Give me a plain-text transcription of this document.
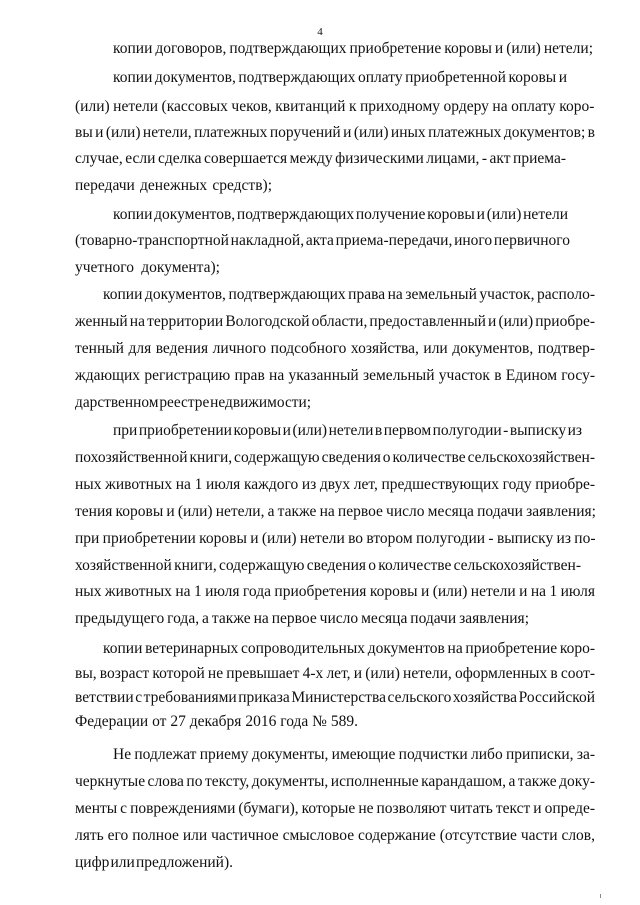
4
копии договоров, подтверждающих приобретение коровы и (или) нетели;
копии документов, подтверждающих оплату приобретенной коровы и
(или) нетели (кассовых чеков, квитанций к приходному ордеру на оплату коро-
вы и (или) нетели, платежных поручений и (или) иных платежных документов; в
случае, если сделка совершается между физическими лицами, - акт приема-
передачи денежных средств);
копии документов, подтверждающих получение коровы и (или) нетели
(товарно-транспортной накладной, акта приема-передачи, иного первичного
учетного документа);
копии документов, подтверждающих права на земельный участок, располо-
женный на территории Вологодской области, предоставленный и (или) приобре-
тенный для ведения личного подсобного хозяйства, или документов, подтвер-
ждающих регистрацию прав на указанный земельный участок в Едином госу-
дарственном реестре недвижимости;
при приобретении коровы и (или) нетели в первом полугодии - выписку из
похозяйственной книги, содержащую сведения о количестве сельскохозяйствен-
ных животных на 1 июля каждого из двух лет, предшествующих году приобре-
тения коровы и (или) нетели, а также на первое число месяца подачи заявления;
при приобретении коровы и (или) нетели во втором полугодии - выписку из по-
хозяйственной книги, содержащую сведения о количестве сельскохозяйствен-
ных животных на 1 июля года приобретения коровы и (или) нетели и на 1 июля
предыдущего года, а также на первое число месяца подачи заявления;
копии ветеринарных сопроводительных документов на приобретение коро-
вы, возраст которой не превышает 4-х лет, и (или) нетели, оформленных в соот-
ветствии с требованиями приказа Министерства сельского хозяйства Российской
Федерации от 27 декабря 2016 года № 589.
Не подлежат приему документы, имеющие подчистки либо приписки, за-
черкнутые слова по тексту, документы, исполненные карандашом, а также доку-
менты с повреждениями (бумаги), которые не позволяют читать текст и опреде-
лять его полное или частичное смысловое содержание (отсутствие части слов,
цифр или предложений).
